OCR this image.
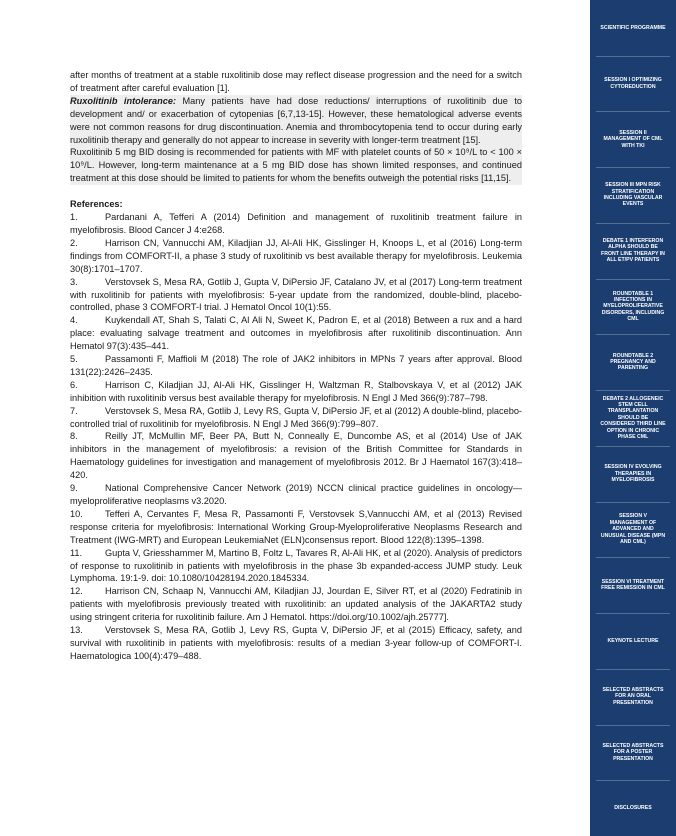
after months of treatment at a stable ruxolitinib dose may reflect disease progression and the need for a switch of treatment after careful evaluation [1].

Ruxolitinib intolerance: Many patients have had dose reductions/ interruptions of ruxolitinib due to development and/ or exacerbation of cytopenias [6,7,13-15]. However, these hematological adverse events were not common reasons for drug discontinuation. Anemia and thrombocytopenia tend to occur during early ruxolitinib therapy and generally do not appear to increase in severity with longer-term treatment [15].

Ruxolitinib 5 mg BID dosing is recommended for patients with MF with platelet counts of 50 × 10⁹/L to < 100 × 10⁹/L. However, long-term maintenance at a 5 mg BID dose has shown limited responses, and continued treatment at this dose should be limited to patients for whom the benefits outweigh the potential risks [11,15].

References:

1.	Pardanani A, Tefferi A (2014) Definition and management of ruxolitinib treatment failure in myelofibrosis. Blood Cancer J 4:e268.

2.	Harrison CN, Vannucchi AM, Kiladjian JJ, Al-Ali HK, Gisslinger H, Knoops L, et al (2016) Long-term findings from COMFORT-II, a phase 3 study of ruxolitinib vs best available therapy for myelofibrosis. Leukemia 30(8):1701–1707.

3.	Verstovsek S, Mesa RA, Gotlib J, Gupta V, DiPersio JF, Catalano JV, et al (2017) Long-term treatment with ruxolitinib for patients with myelofibrosis: 5-year update from the randomized, double-blind, placebo-controlled, phase 3 COMFORT-I trial. J Hematol Oncol 10(1):55.

4.	Kuykendall AT, Shah S, Talati C, Al Ali N, Sweet K, Padron E, et al (2018) Between a rux and a hard place: evaluating salvage treatment and outcomes in myelofibrosis after ruxolitinib discontinuation. Ann Hematol 97(3):435–441.

5.	Passamonti F, Maffioli M (2018) The role of JAK2 inhibitors in MPNs 7 years after approval. Blood 131(22):2426–2435.

6.	Harrison C, Kiladjian JJ, Al-Ali HK, Gisslinger H, Waltzman R, Stalbovskaya V, et al (2012) JAK inhibition with ruxolitinib versus best available therapy for myelofibrosis. N Engl J Med 366(9):787–798.

7.	Verstovsek S, Mesa RA, Gotlib J, Levy RS, Gupta V, DiPersio JF, et al (2012) A double-blind, placebo- controlled trial of ruxolitinib for myelofibrosis. N Engl J Med 366(9):799–807.

8.	Reilly JT, McMullin MF, Beer PA, Butt N, Conneally E, Duncombe AS, et al (2014) Use of JAK inhibitors in the management of myelofibrosis: a revision of the British Committee for Standards in Haematology guidelines for investigation and management of myelofibrosis 2012. Br J Haematol 167(3):418–420.

9.	National Comprehensive Cancer Network (2019) NCCN clinical practice guidelines in oncology—myeloproliferative neoplasms v3.2020.

10. Tefferi A, Cervantes F, Mesa R, Passamonti F, Verstovsek S,Vannucchi AM, et al (2013) Revised response criteria for myelofibrosis: International Working Group-Myeloproliferative Neoplasms Research and Treatment (IWG-MRT) and European LeukemiaNet (ELN)consensus report. Blood 122(8):1395–1398.

11. Gupta V, Griesshammer M, Martino B, Foltz L, Tavares R, Al-Ali HK, et al (2020). Analysis of predictors of response to ruxolitinib in patients with myelofibrosis in the phase 3b expanded-access JUMP study. Leuk Lymphoma. 19:1-9. doi: 10.1080/10428194.2020.1845334.

12. Harrison CN, Schaap N, Vannucchi AM, Kiladjian JJ, Jourdan E, Silver RT, et al (2020) Fedratinib in patients with myelofibrosis previously treated with ruxolitinib: an updated analysis of the JAKARTA2 study using stringent criteria for ruxolitinib failure. Am J Hematol. https://doi.org/10.1002/ajh.25777].

13. Verstovsek S, Mesa RA, Gotlib J, Levy RS, Gupta V, DiPersio JF, et al (2015) Efficacy, safety, and survival with ruxolitinib in patients with myelofibrosis: results of a median 3-year follow-up of COMFORT-I. Haematologica 100(4):479–488.

SCIENTIFIC PROGRAMME
SESSION I OPTIMIZING CYTOREDUCTION
SESSION II MANAGEMENT OF CML WITH TKI
SESSION III MPN RISK STRATIFICATION INCLUDING VASCULAR EVENTS
DEBATE 1 INTERFERON ALPHA SHOULD BE FRONT LINE THERAPY IN ALL ET/PV PATIENTS
ROUNDTABLE 1 INFECTIONS IN MYELOPROLIFERATIVE DISORDERS, INCLUDING CML
ROUNDTABLE 2 PREGNANCY AND PARENTING
DEBATE 2 ALLOGENEIC STEM CELL TRANSPLANTATION SHOULD BE CONSIDERED THIRD LINE OPTION IN CHRONIC PHASE CML
SESSION IV EVOLVING THERAPIES IN MYELOFIBROSIS
SESSION V MANAGEMENT OF ADVANCED AND UNUSUAL DISEASE (MPN AND CML)
SESSION VI TREATMENT FREE REMISSION IN CML
KEYNOTE LECTURE
SELECTED ABSTRACTS FOR AN ORAL PRESENTATION
SELECTED ABSTRACTS FOR A POSTER PRESENTATION
DISCLOSURES
